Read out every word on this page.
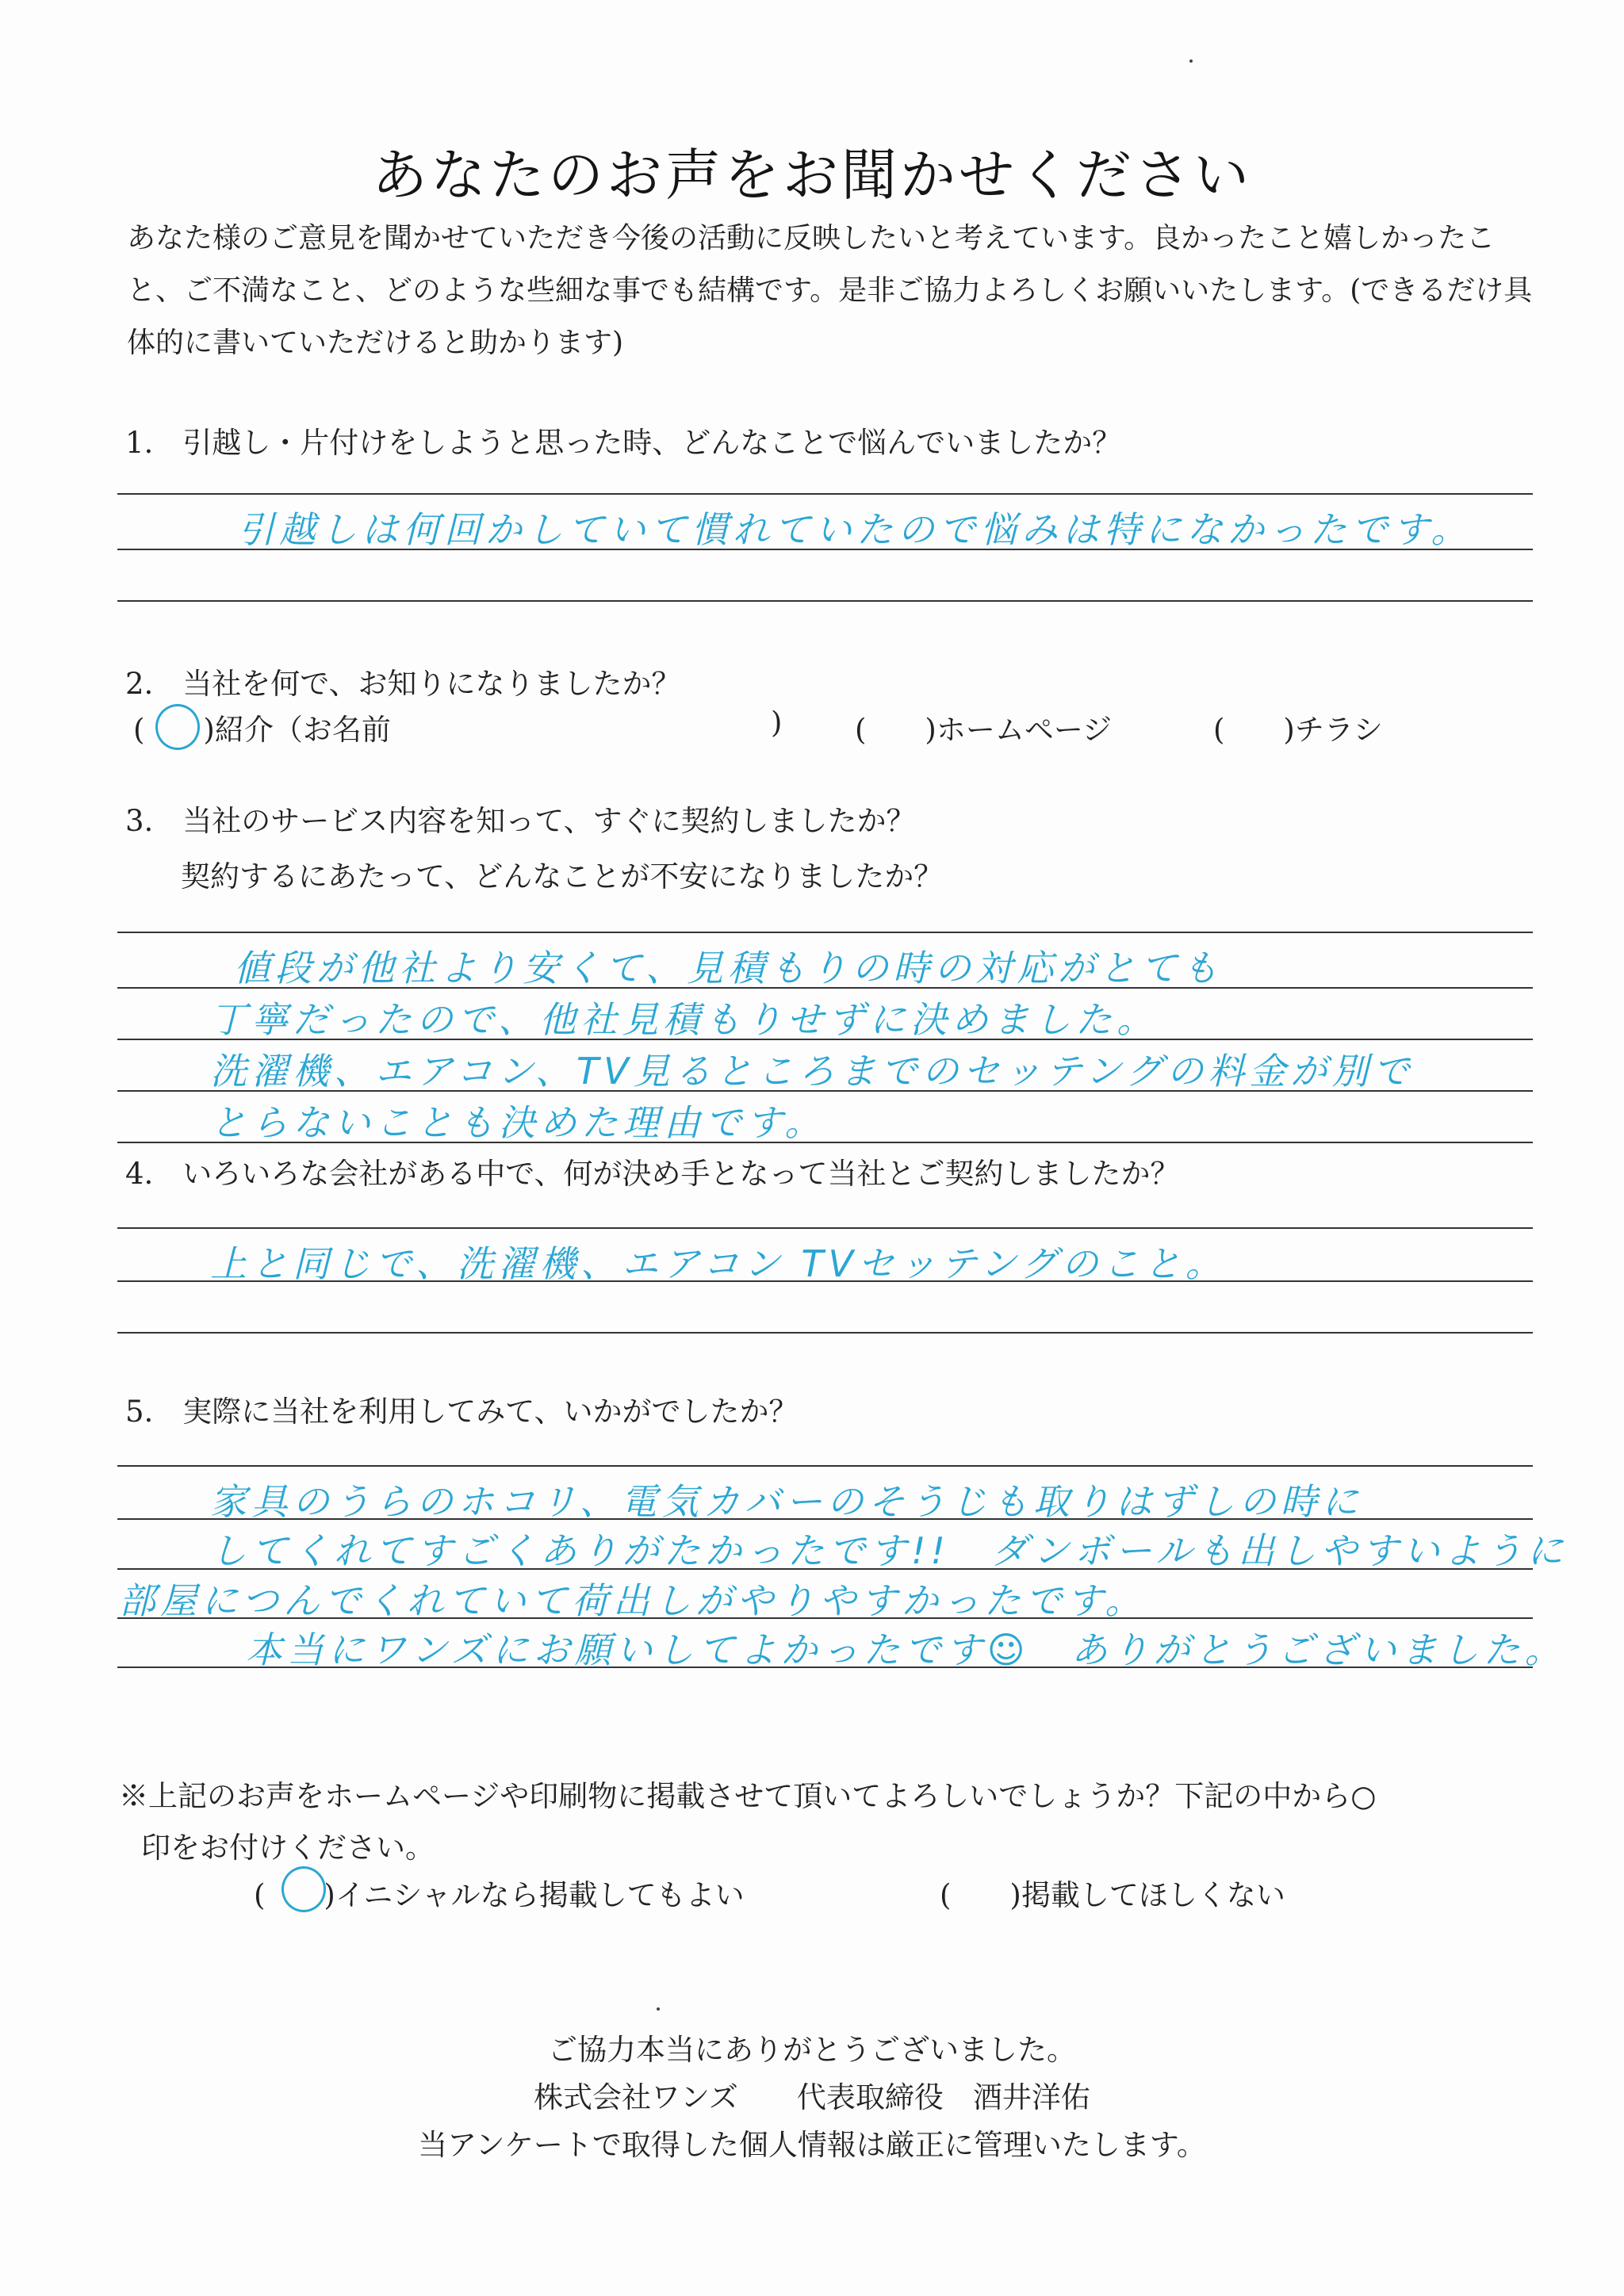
あなたのお声をお聞かせください
あなた様のご意見を聞かせていただき今後の活動に反映したいと考えています。良かったこと嬉しかったこと、ご不満なこと、どのような些細な事でも結構です。是非ご協力よろしくお願いいたします。(できるだけ具体的に書いていただけると助かります)
1.　引越し・片付けをしようと思った時、どんなことで悩んでいましたか？
引越しは何回かしていて慣れていたので悩みは特になかったです。
2.　当社を何で、お知りになりましたか？
(　　)紹介（お名前	) (　　)ホームページ	(　　)チラシ
3.　当社のサービス内容を知って、すぐに契約しましたか？
契約するにあたって、どんなことが不安になりましたか？
値段が他社より安くて、見積もりの時の対応がとても
丁寧だったので、他社見積もりせずに決めました。
洗濯機、エアコン、TV見るところまでのセッテングの料金が別で
とらないことも決めた理由です。
4.　いろいろな会社がある中で、何が決め手となって当社とご契約しましたか？
上と同じで、洗濯機、エアコン TVセッテングのこと。
5.　実際に当社を利用してみて、いかがでしたか？
家具のうらのホコリ、電気カバーのそうじも取りはずしの時に
してくれてすごくありがたかったです!!　ダンボールも出しやすいように
部屋につんでくれていて荷出しがやりやすかったです。
本当にワンズにお願いしてよかったです☺　ありがとうございました。
※上記のお声をホームページや印刷物に掲載させて頂いてよろしいでしょうか？下記の中から○
印をお付けください。
(　　)イニシャルなら掲載してもよい	(　　)掲載してほしくない
ご協力本当にありがとうございました。
株式会社ワンズ　　代表取締役　酒井洋佑
当アンケートで取得した個人情報は厳正に管理いたします。
